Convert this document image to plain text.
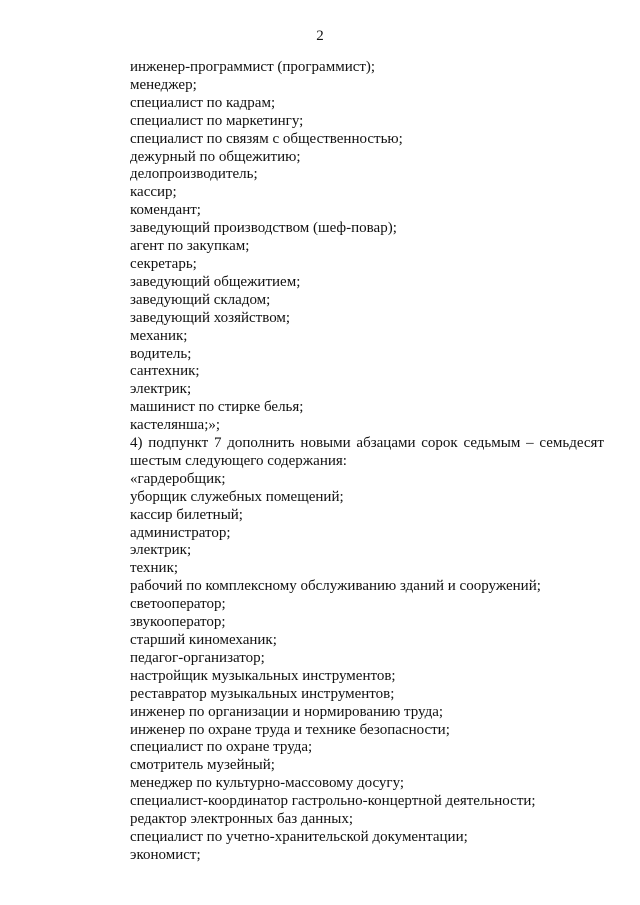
2
инженер-программист (программист);
менеджер;
специалист по кадрам;
специалист по маркетингу;
специалист по связям с общественностью;
дежурный по общежитию;
делопроизводитель;
кассир;
комендант;
заведующий производством (шеф-повар);
агент по закупкам;
секретарь;
заведующий общежитием;
заведующий складом;
заведующий хозяйством;
механик;
водитель;
сантехник;
электрик;
машинист по стирке белья;
кастелянша;»;
4) подпункт 7 дополнить новыми абзацами сорок седьмым – семьдесят шестым следующего содержания:
«гардеробщик;
уборщик служебных помещений;
кассир билетный;
администратор;
электрик;
техник;
рабочий по комплексному обслуживанию зданий и сооружений;
светооператор;
звукооператор;
старший киномеханик;
педагог-организатор;
настройщик музыкальных инструментов;
реставратор музыкальных инструментов;
инженер по организации и нормированию труда;
инженер по охране труда и технике безопасности;
специалист по охране труда;
смотритель музейный;
менеджер по культурно-массовому досугу;
специалист-координатор гастрольно-концертной деятельности;
редактор электронных баз данных;
специалист по учетно-хранительской документации;
экономист;
